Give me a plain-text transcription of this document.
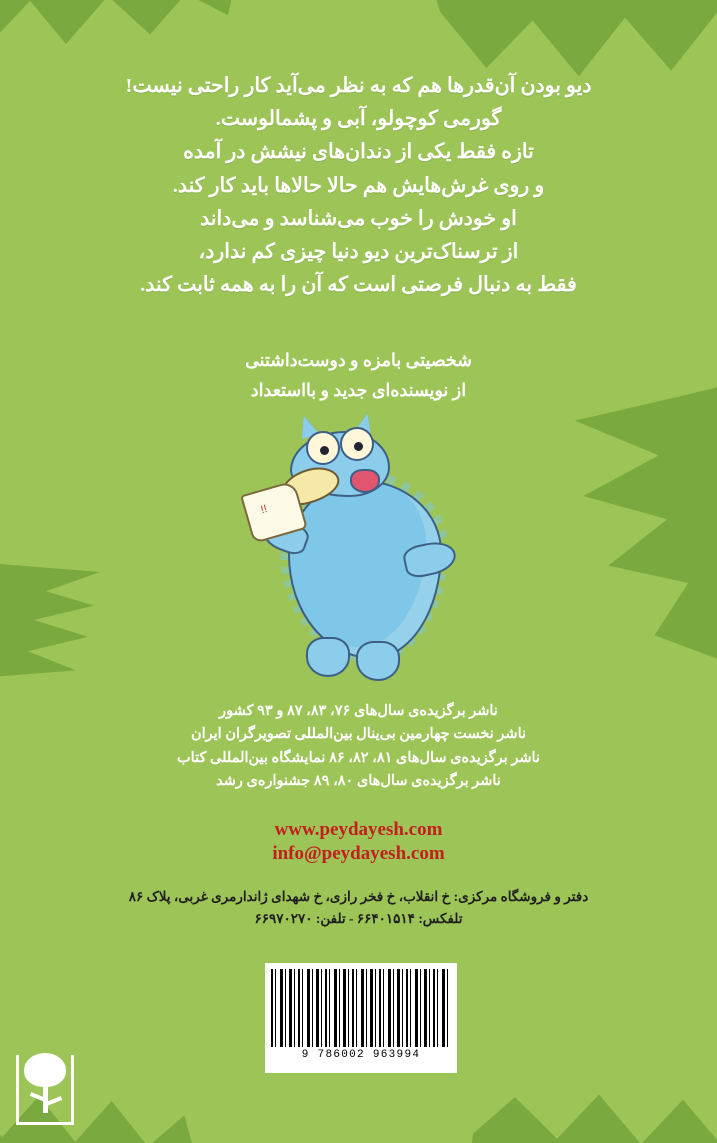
دیو بودن آن‌قدرها هم که به نظر می‌آید کار راحتی نیست!
گورمی کوچولو، آبی و پشمالوست.
تازه فقط یکی از دندان‌های نیشش در آمده
و روی غرش‌هایش هم حالا حالاها باید کار کند.
او خودش را خوب می‌شناسد و می‌داند
از ترسناک‌ترین دیو دنیا چیزی کم ندارد،
فقط به دنبال فرصتی است که آن را به همه ثابت کند.
شخصیتی بامزه و دوست‌داشتنی
از نویسنده‌ای جدید و بااستعداد
!!
ناشر برگزیده‌ی سال‌های ۷۶، ۸۳، ۸۷ و ۹۳ کشور
ناشر نخست چهارمین بی‌ینال بین‌المللی تصویرگران ایران
ناشر برگزیده‌ی سال‌های ۸۱، ۸۲، ۸۶ نمایشگاه بین‌المللی کتاب
ناشر برگزیده‌ی سال‌های ۸۰، ۸۹ جشنواره‌ی رشد
www.peydayesh.com
info@peydayesh.com
دفتر و فروشگاه مرکزی: خ انقلاب، خ فخر رازی، خ شهدای ژاندارمری غربی، پلاک ۸۶
تلفکس: ۶۶۴۰۱۵۱۴ - تلفن: ۶۶۹۷۰۲۷۰
9 786002 963994
